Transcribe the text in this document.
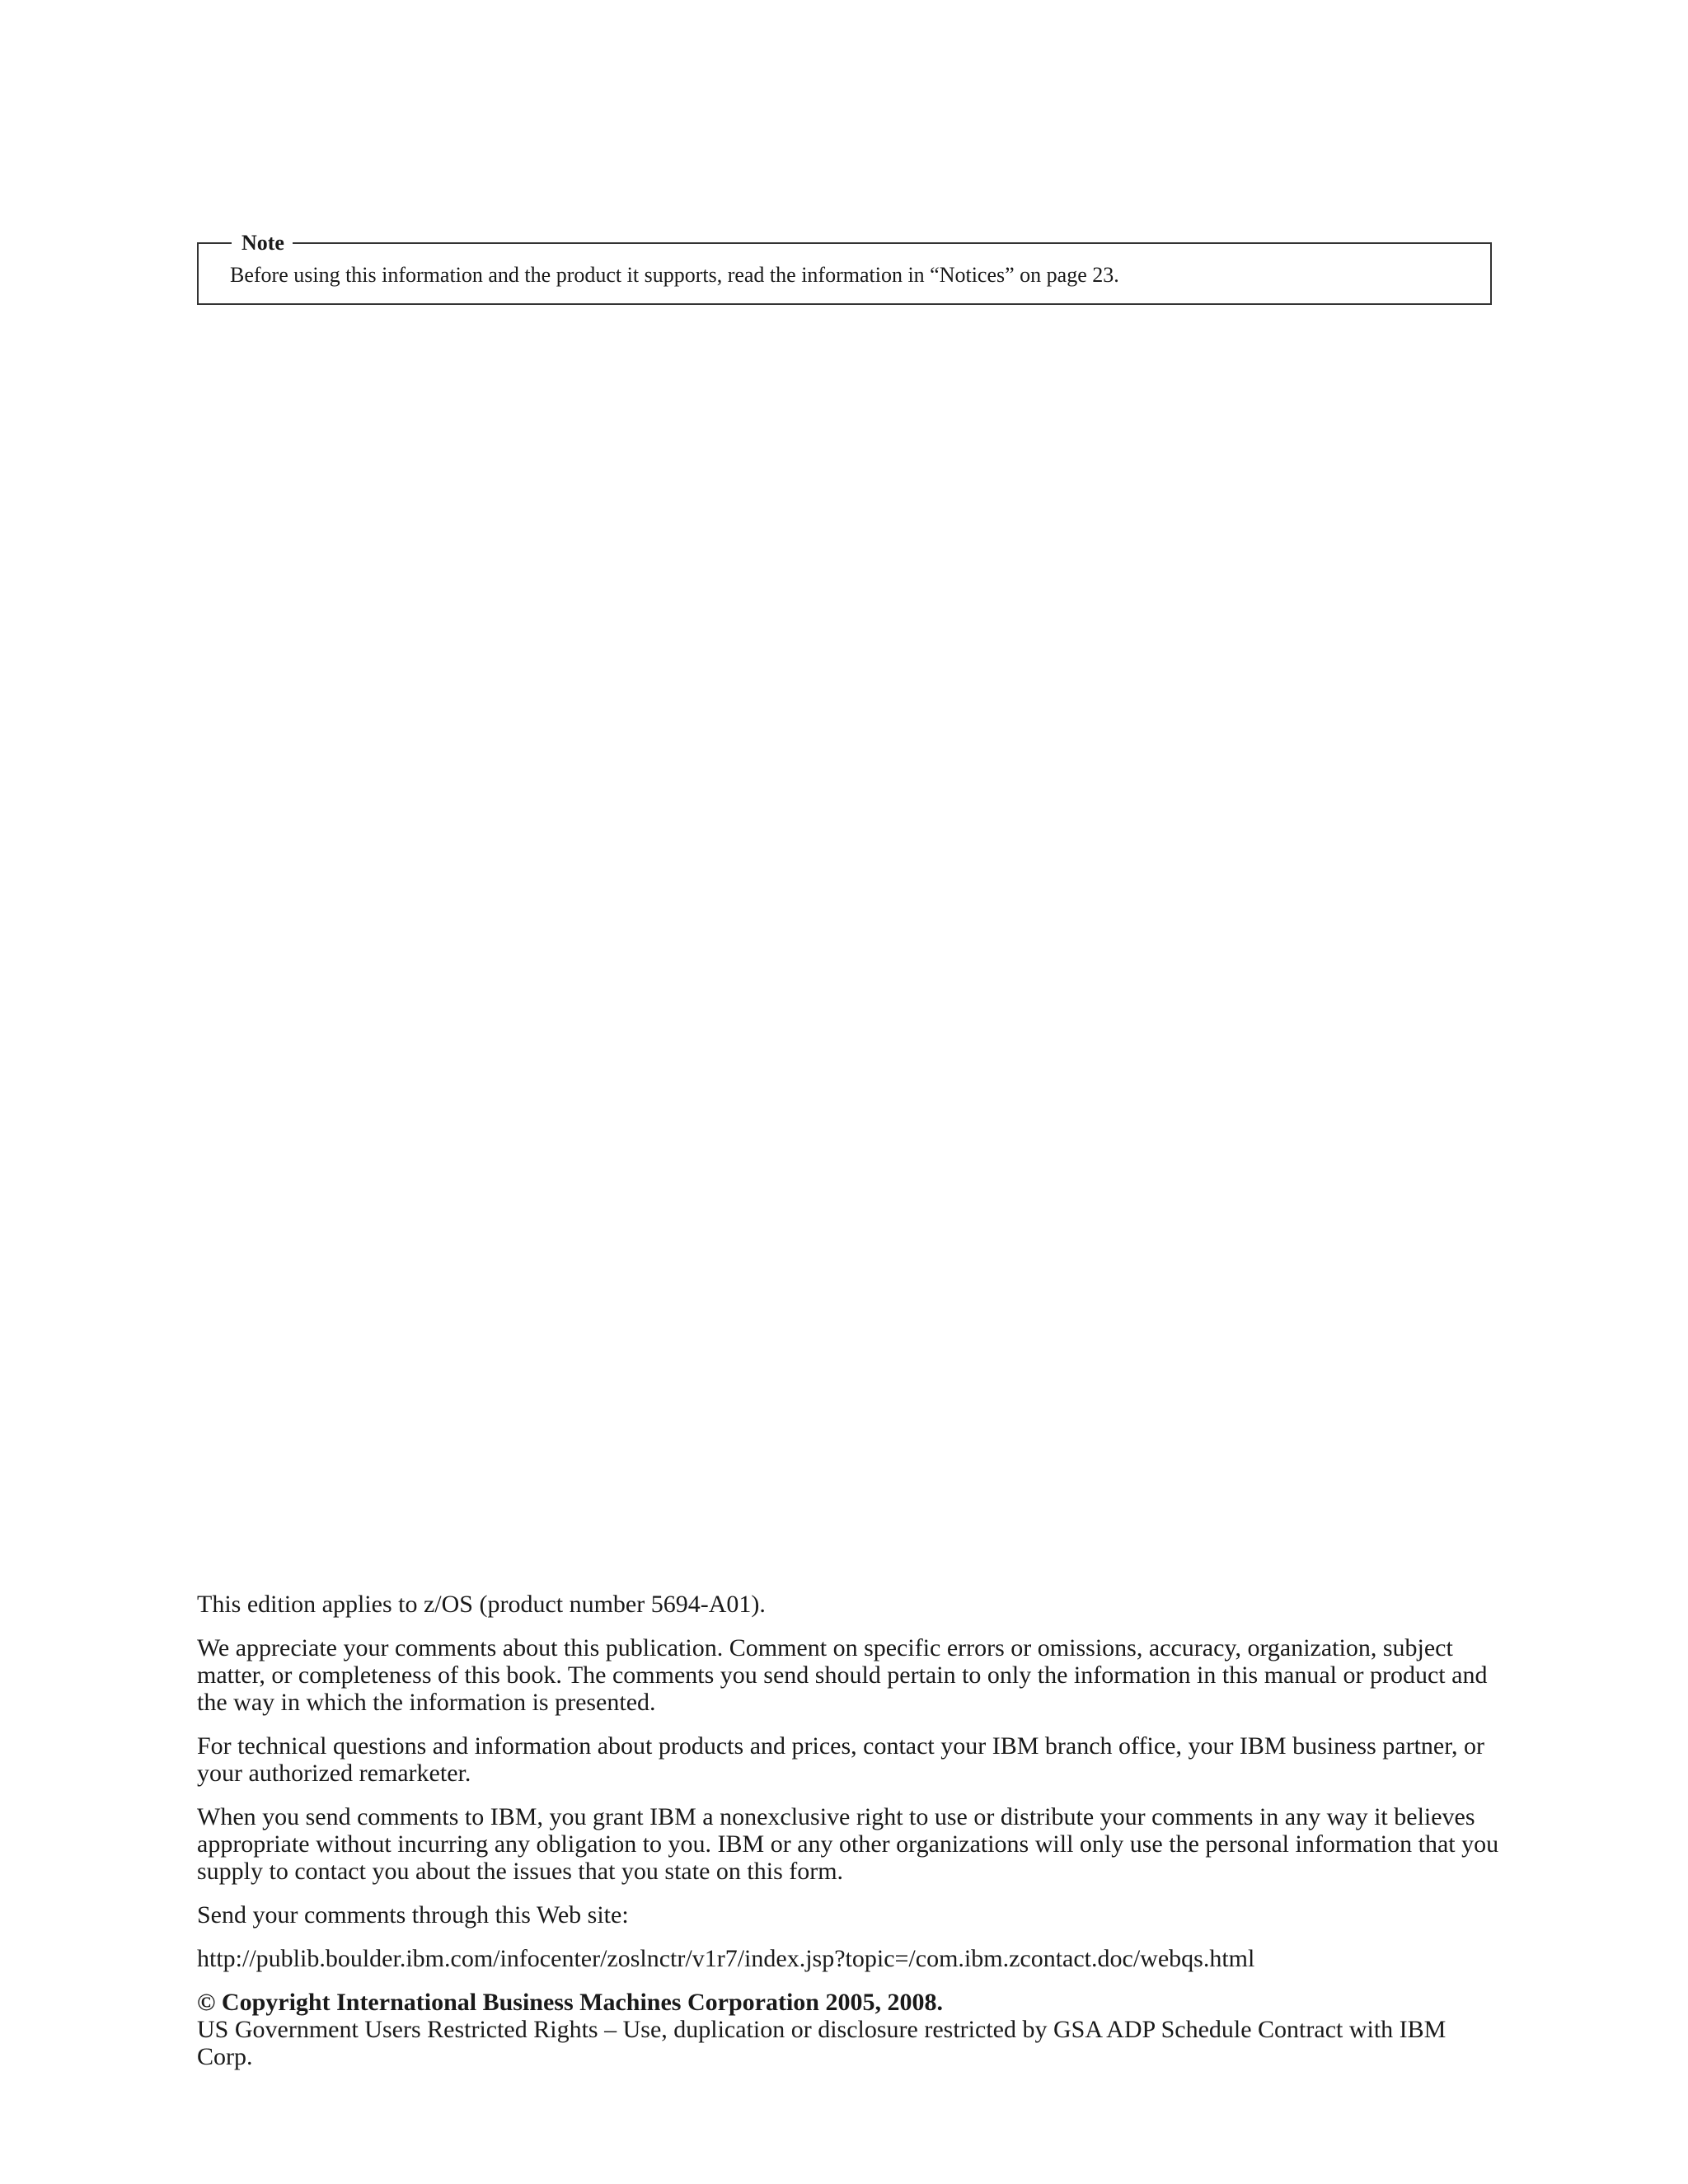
Note
Before using this information and the product it supports, read the information in “Notices” on page 23.

This edition applies to z/OS (product number 5694-A01).

We appreciate your comments about this publication. Comment on specific errors or omissions, accuracy, organization, subject matter, or completeness of this book. The comments you send should pertain to only the information in this manual or product and the way in which the information is presented.

For technical questions and information about products and prices, contact your IBM branch office, your IBM business partner, or your authorized remarketer.

When you send comments to IBM, you grant IBM a nonexclusive right to use or distribute your comments in any way it believes appropriate without incurring any obligation to you. IBM or any other organizations will only use the personal information that you supply to contact you about the issues that you state on this form.

Send your comments through this Web site:

http://publib.boulder.ibm.com/infocenter/zoslnctr/v1r7/index.jsp?topic=/com.ibm.zcontact.doc/webqs.html

© Copyright International Business Machines Corporation 2005, 2008.

US Government Users Restricted Rights – Use, duplication or disclosure restricted by GSA ADP Schedule Contract with IBM Corp.
